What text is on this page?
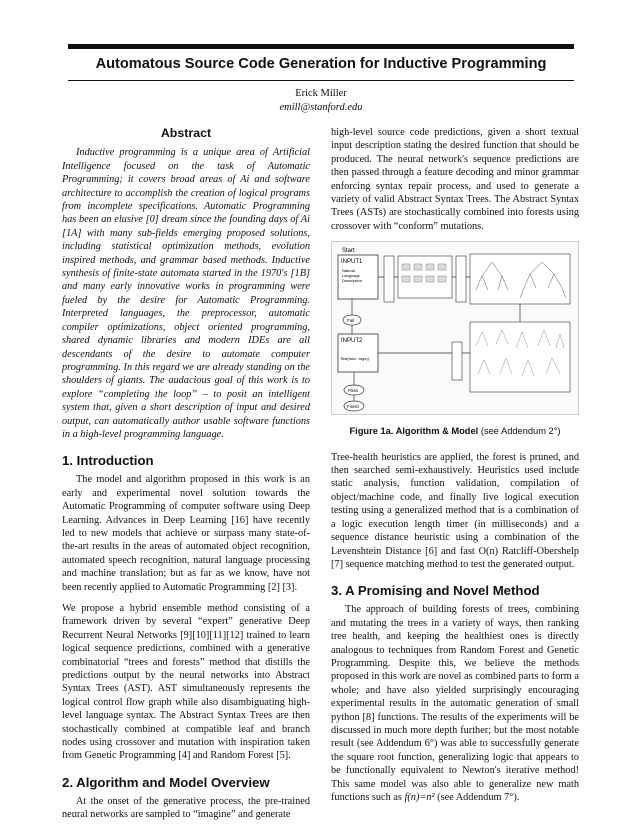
Automatous Source Code Generation for Inductive Programming
Erick Miller
emill@stanford.edu
Abstract

Inductive programming is a unique area of Artificial Intelligence focused on the task of Automatic Programming; it covers broad areas of Ai and software architecture to accomplish the creation of logical programs from incomplete specifications. Automatic Programming has been an elusive [0] dream since the founding days of Ai [1A] with many sub-fields emerging proposed solutions, including statistical optimization methods, evolution inspired methods, and grammar based methods. Inductive synthesis of finite-state automata started in the 1970's [1B] and many early innovative works in programming were fueled by the desire for Automatic Programming. Interpreted languages, the preprocessor, automatic compiler optimizations, object oriented programming, shared dynamic libraries and modern IDEs are all descendants of the desire to automate computer programming. In this regard we are already standing on the shoulders of giants. The audacious goal of this work is to explore “completing the loop” – to posit an intelligent system that, given a short description of input and desired output, can automatically author usable software functions in a high-level programming language.

1. Introduction

The model and algorithm proposed in this work is an early and experimental novel solution towards the Automatic Programming of computer software using Deep Learning. Advances in Deep Learning [16] have recently led to new models that achieve or surpass many state-of-the-art results in the areas of automated object recognition, automated speech recognition, natural language processing and machine translation; but as far as we know, have not been recently applied to Automatic Programming [2] [3].

We propose a hybrid ensemble method consisting of a framework driven by several “expert” generative Deep Recurrent Neural Networks [9][10][11][12] trained to learn logical sequence predictions, combined with a generative combinatorial “trees and forests” method that distills the predictions output by the neural networks into Abstract Syntax Trees (AST). AST simultaneously represents the logical control flow graph while also disambiguating high-level language syntax. The Abstract Syntax Trees are then stochastically combined at compatible leaf and branch nodes using crossover and mutation with inspiration taken from Genetic Programming [4] and Random Forest [5].

2. Algorithm and Model Overview

At the onset of the generative process, the pre-trained neural networks are sampled to “imagine” and generate

high-level source code predictions, given a short textual input description stating the desired function that should be produced. The neural network's sequence predictions are then passed through a feature decoding and minor grammar enforcing syntax repair process, and used to generate a variety of valid Abstract Syntax Trees. The Abstract Syntax Trees (ASTs) are stochastically combined into forests using crossover with “conform” mutations.

Start
INPUT1
Natural
Language
Description
Fail
INPUT2
Test(func, args))
Pass
Finish
Figure 1a. Algorithm & Model (see Addendum 2°)

Tree-health heuristics are applied, the forest is pruned, and then searched semi-exhaustively. Heuristics used include static analysis, function validation, compilation of object/machine code, and finally live logical execution testing using a generalized method that is a combination of a logic execution length timer (in milliseconds) and a sequence distance heuristic using a combination of the Levenshtein Distance [6] and fast O(n) Ratcliff-Obershelp [7] sequence matching method to test the generated output.

3. A Promising and Novel Method

The approach of building forests of trees, combining and mutating the trees in a variety of ways, then ranking tree health, and keeping the healthiest ones is directly analogous to techniques from Random Forest and Genetic Programming. Despite this, we believe the methods proposed in this work are novel as combined parts to form a whole; and have also yielded surprisingly encouraging experimental results in the automatic generation of small python [8] functions. The results of the experiments will be discussed in much more depth further; but the most notable result (see Addendum 6°) was able to successfully generate the square root function, generalizing logic that appears to be functionally equivalent to Newton's iterative method! This same model was also able to generalize new math functions such as f(n)=n² (see Addendum 7°).
